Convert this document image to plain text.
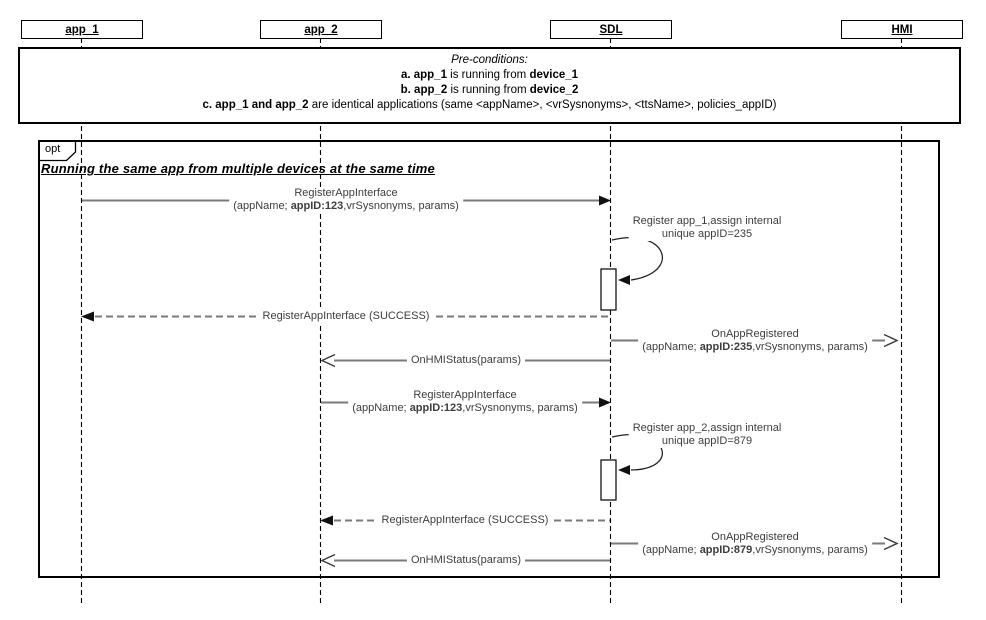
app_1	app_2	SDL	HMI
Pre-conditions:
a. app_1 is running from device_1
b. app_2 is running from device_2
c. app_1 and app_2 are identical applications (same <appName>, <vrSysnonyms>, <ttsName>, policies_appID)
opt
Running the same app from multiple devices at the same time
RegisterAppInterface
(appName; appID:123,vrSysnonyms, params)
Register app_1,assign internal
unique appID=235
RegisterAppInterface (SUCCESS)
OnAppRegistered
(appName; appID:235,vrSysnonyms, params)
OnHMIStatus(params)
RegisterAppInterface
(appName; appID:123,vrSysnonyms, params)
Register app_2,assign internal
unique appID=879
RegisterAppInterface (SUCCESS)
OnAppRegistered
(appName; appID:879,vrSysnonyms, params)
OnHMIStatus(params)
